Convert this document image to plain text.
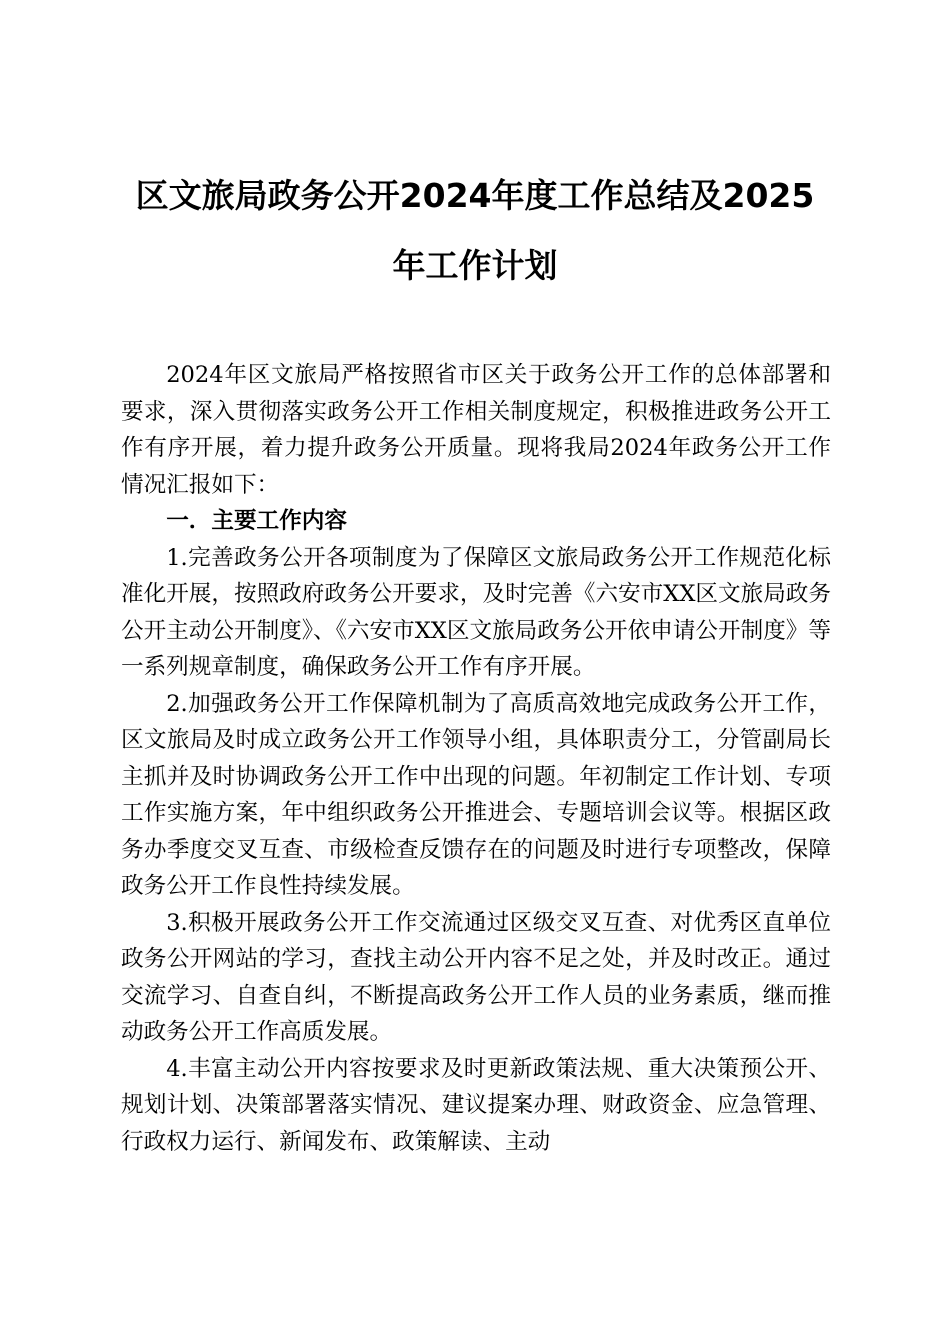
区文旅局政务公开2024年度工作总结及2025
年工作计划

2024年区文旅局严格按照省市区关于政务公开工作的总体部署和要求，深入贯彻落实政务公开工作相关制度规定，积极推进政务公开工作有序开展，着力提升政务公开质量。现将我局2024年政务公开工作情况汇报如下：

一．主要工作内容

1.完善政务公开各项制度为了保障区文旅局政务公开工作规范化标准化开展，按照政府政务公开要求，及时完善《六安市XX区文旅局政务公开主动公开制度》、《六安市XX区文旅局政务公开依申请公开制度》等一系列规章制度，确保政务公开工作有序开展。

2.加强政务公开工作保障机制为了高质高效地完成政务公开工作，区文旅局及时成立政务公开工作领导小组，具体职责分工，分管副局长主抓并及时协调政务公开工作中出现的问题。年初制定工作计划、专项工作实施方案，年中组织政务公开推进会、专题培训会议等。根据区政务办季度交叉互查、市级检查反馈存在的问题及时进行专项整改，保障政务公开工作良性持续发展。

3.积极开展政务公开工作交流通过区级交叉互查、对优秀区直单位政务公开网站的学习，查找主动公开内容不足之处，并及时改正。通过交流学习、自查自纠，不断提高政务公开工作人员的业务素质，继而推动政务公开工作高质发展。

4.丰富主动公开内容按要求及时更新政策法规、重大决策预公开、规划计划、决策部署落实情况、建议提案办理、财政资金、应急管理、行政权力运行、新闻发布、政策解读、主动
